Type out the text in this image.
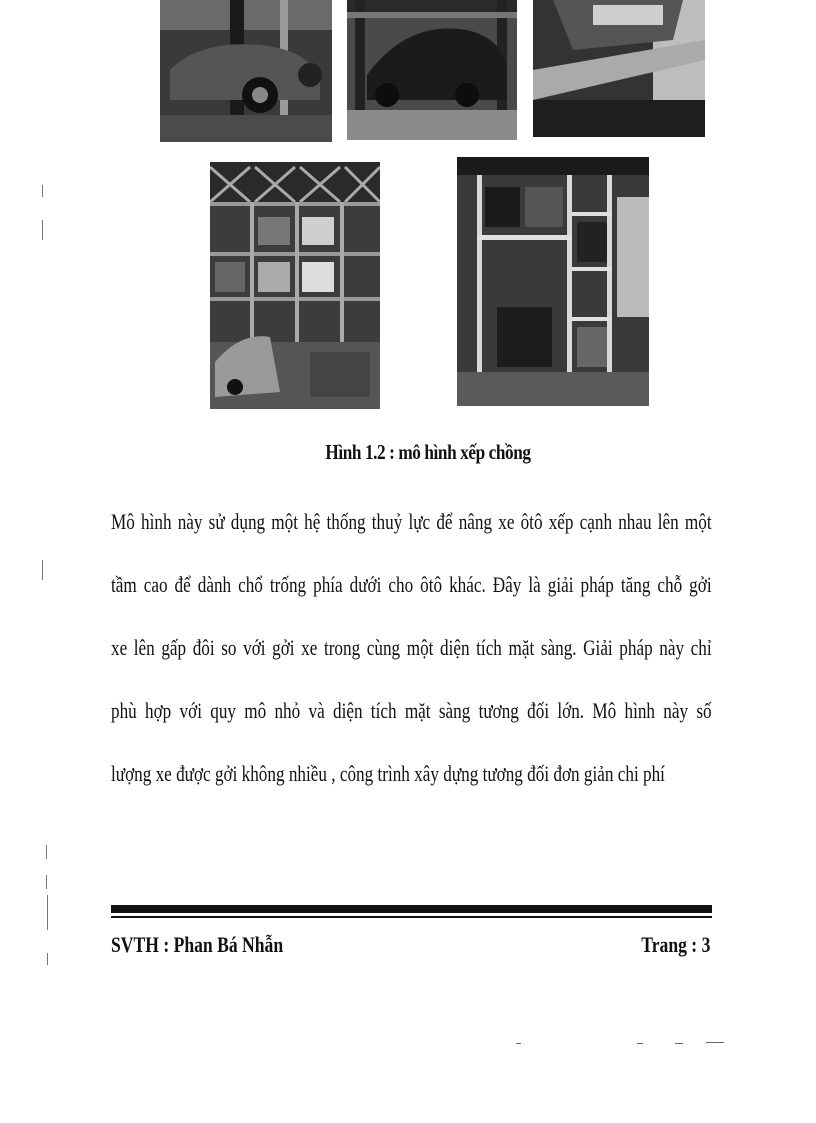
Hình 1.2 : mô hình xếp chồng
Mô hình này sử dụng một hệ thống thuỷ lực để nâng xe ôtô xếp cạnh nhau lên một
tầm cao để dành chổ trống phía dưới cho ôtô khác. Đây là giải pháp tăng chỗ gởi
xe lên gấp đôi so với gởi xe trong cùng một diện tích mặt sàng. Giải pháp này chỉ
phù hợp với quy mô nhỏ và diện tích mặt sàng tương đối lớn. Mô hình này số
lượng xe được gởi không nhiều , công trình xây dựng tương đối đơn giản chi phí
SVTH : Phan Bá Nhẫn	Trang : 3
